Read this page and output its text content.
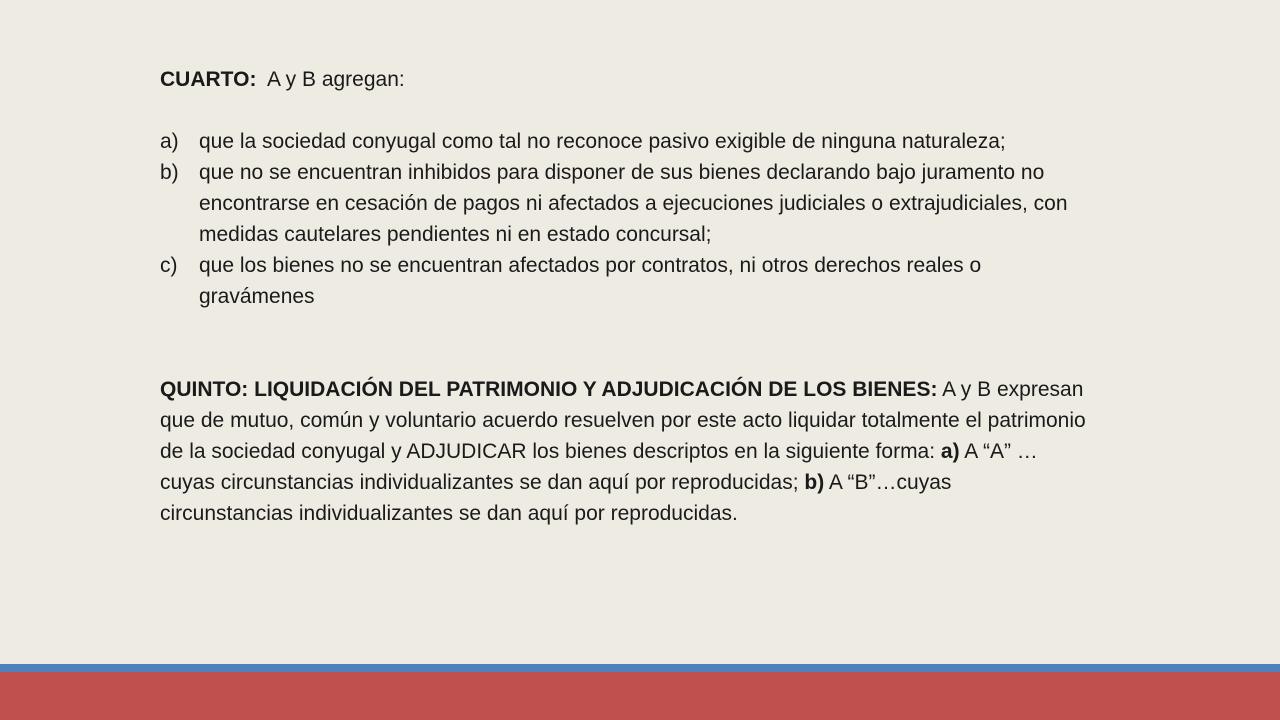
CUARTO:  A y B agregan:

a) que la sociedad conyugal como tal no reconoce pasivo exigible de ninguna naturaleza;
b) que no se encuentran inhibidos para disponer de sus bienes declarando bajo juramento no encontrarse en cesación de pagos ni afectados a ejecuciones judiciales o extrajudiciales, con medidas cautelares pendientes ni en estado concursal;
c) que los bienes no se encuentran afectados por contratos, ni otros derechos reales o gravámenes

QUINTO: LIQUIDACIÓN DEL PATRIMONIO Y ADJUDICACIÓN DE LOS BIENES: A y B expresan que de mutuo, común y voluntario acuerdo resuelven por este acto liquidar totalmente el patrimonio de la sociedad conyugal y ADJUDICAR los bienes descriptos en la siguiente forma: a) A “A” … cuyas circunstancias individualizantes se dan aquí por reproducidas; b) A “B”…cuyas circunstancias individualizantes se dan aquí por reproducidas.
